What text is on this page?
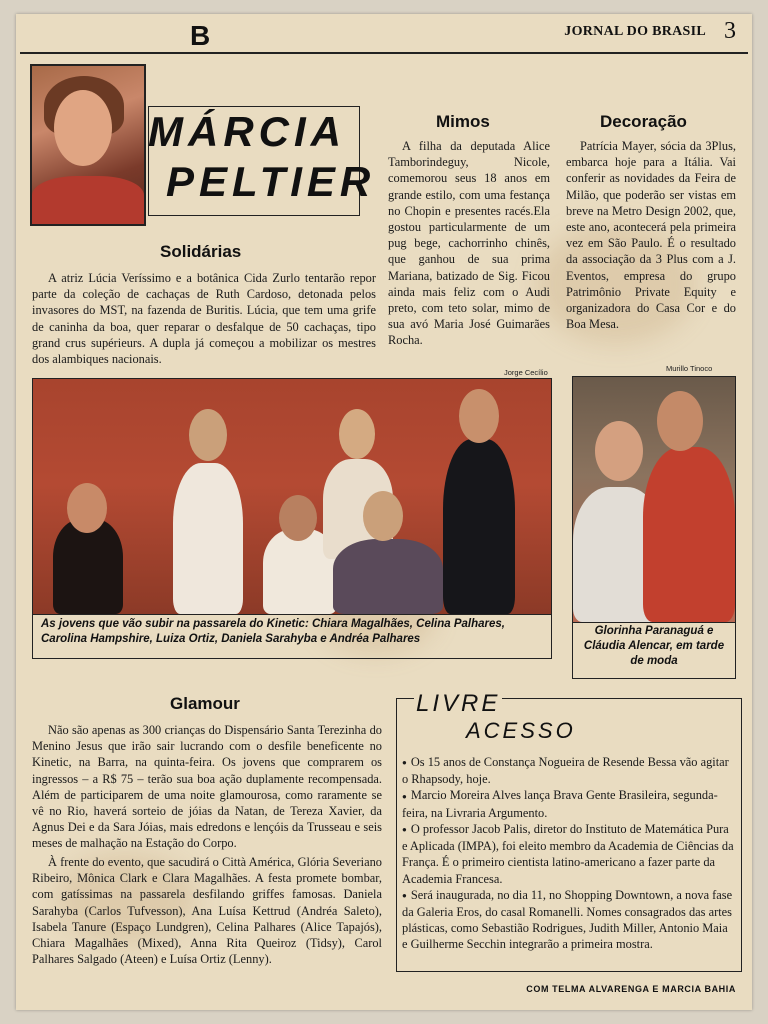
B	JORNAL DO BRASIL 3
MÁRCIA
PELTIER
Solidárias

A atriz Lúcia Veríssimo e a botânica Cida Zurlo tentarão repor parte da coleção de cachaças de Ruth Cardoso, detonada pelos invasores do MST, na fazenda de Buritis. Lúcia, que tem uma grife de caninha da boa, quer reparar o desfalque de 50 cachaças, tipo grand crus supérieurs. A dupla já começou a mobilizar os mestres dos alambiques nacionais.

Mimos

A filha da deputada Alice Tamborindeguy, Nicole, comemorou seus 18 anos em grande estilo, com uma festança no Chopin e presentes racés.Ela gostou particularmente de um pug bege, cachorrinho chinês, que ganhou de sua prima Mariana, batizado de Sig. Ficou ainda mais feliz com o Audi preto, com teto solar, mimo de sua avó Maria José Guimarães Rocha.

Decoração

Patrícia Mayer, sócia da 3Plus, embarca hoje para a Itália. Vai conferir as novidades da Feira de Milão, que poderão ser vistas em breve na Metro Design 2002, que, este ano, acontecerá pela primeira vez em São Paulo. É o resultado da associação da 3 Plus com a J. Eventos, empresa do grupo Patrimônio Private Equity e organizadora do Casa Cor e do Boa Mesa.

Jorge Cecílio	Murillo Tinoco

As jovens que vão subir na passarela do Kinetic: Chiara Magalhães, Celina Palhares, Carolina Hampshire, Luiza Ortiz, Daniela Sarahyba e Andréa Palhares

Glorinha Paranaguá e Cláudia Alencar, em tarde de moda

Glamour

Não são apenas as 300 crianças do Dispensário Santa Terezinha do Menino Jesus que irão sair lucrando com o desfile beneficente no Kinetic, na Barra, na quinta-feira. Os jovens que comprarem os ingressos – a R$ 75 – terão sua boa ação duplamente recompensada. Além de participarem de uma noite glamourosa, como raramente se vê no Rio, haverá sorteio de jóias da Natan, de Tereza Xavier, da Agnus Dei e da Sara Jóias, mais edredons e lençóis da Trusseau e seis meses de malhação na Estação do Corpo.

À frente do evento, que sacudirá o Città América, Glória Severiano Ribeiro, Mônica Clark e Clara Magalhães. A festa promete bombar, com gatíssimas na passarela desfilando griffes famosas. Daniela Sarahyba (Carlos Tufvesson), Ana Luísa Kettrud (Andréa Saleto), Isabela Tanure (Espaço Lundgren), Celina Palhares (Alice Tapajós), Chiara Magalhães (Mixed), Anna Rita Queiroz (Tidsy), Carol Palhares Salgado (Ateen) e Luísa Ortiz (Lenny).

LIVRE
ACESSO
● Os 15 anos de Constança Nogueira de Resende Bessa vão agitar o Rhapsody, hoje.
● Marcio Moreira Alves lança Brava Gente Brasileira, segunda-feira, na Livraria Argumento.
● O professor Jacob Palis, diretor do Instituto de Matemática Pura e Aplicada (IMPA), foi eleito membro da Academia de Ciências da França. É o primeiro cientista latino-americano a fazer parte da Academia Francesa.
● Será inaugurada, no dia 11, no Shopping Downtown, a nova fase da Galeria Eros, do casal Romanelli. Nomes consagrados das artes plásticas, como Sebastião Rodrigues, Judith Miller, Antonio Maia e Guilherme Secchin integrarão a primeira mostra.
COM TELMA ALVARENGA E MARCIA BAHIA
